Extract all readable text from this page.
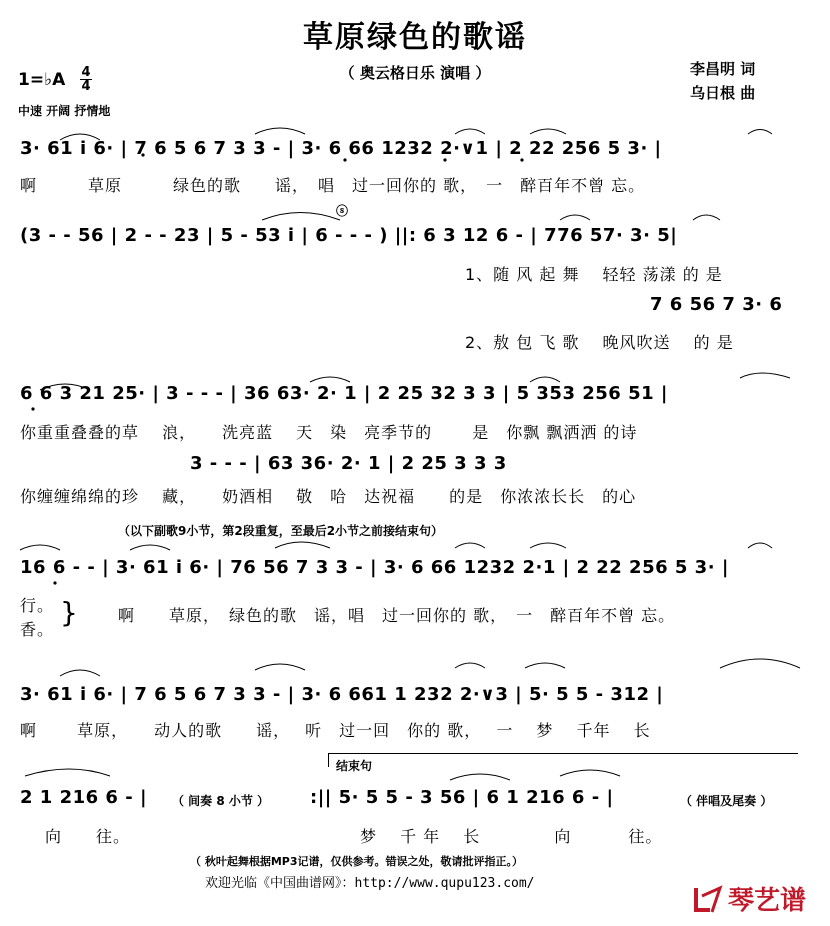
草原绿色的歌谣
（ 奥云格日乐 演唱 ）	李昌明 词
乌日根 曲
1=♭A 4
4
中速 开阔 抒情地
3· 61 i 6· | 7 6 5 6 7 3 3 - | 3· 6 66 1232 2·∨1 | 2 22 256 5 3· |
啊　　　草原　　　绿色的歌　　谣，　唱　过一回你的 歌，　一　醉百年不曾 忘。
(3 - - 56 | 2 - - 23 | 5 - 53 i | 6 - - - ) ||: 6 3 12 6 - | 776 57· 3· 5|
ⓢ
1、随 风 起 舞　 轻轻 荡漾 的 是
7 6 56 7 3· 6
2、敖 包 飞 歌　 晚风吹送　 的 是
6 6 3 21 25· | 3 - - - | 36 63· 2· 1 | 2 25 32 3 3 | 5 353 256 51 |
你重重叠叠的草　 浪，　　洗亮蓝　 天　染　亮季节的　　 是　你飘 飘洒洒 的诗
3 - - - | 63 36· 2· 1 | 2 25 3 3 3
你缠缠绵绵的珍　 藏，　　奶酒相　 敬　哈　达祝福　　的是　你浓浓长长　的心
（以下副歌9小节，第2段重复，至最后2小节之前接结束句）
16 6 - - | 3· 61 i 6· | 76 56 7 3 3 - | 3· 6 66 1232 2·1 | 2 22 256 5 3· |
行。
香。
} 啊　　草原，　绿色的歌　谣，唱　过一回你的 歌，　一　醉百年不曾 忘。
3· 61 i 6· | 7 6 5 6 7 3 3 - | 3· 6 661 1 232 2·∨3 | 5· 5 5 - 312 |
啊　　 草原，　　动人的歌　　谣，　 听　过一回　你的 歌，　 一　 梦　 千年　 长
结束句
2 1 216 6 - | （ 间奏 8 小节 ） :|| 5· 5 5 - 3 56 | 6 1 216 6 - |	（ 伴唱及尾奏 ）
向　　往。　　　　　　　　　　　　　　梦　 千 年　 长　　　　 向　　　 往。
（ 秋叶起舞根据MP3记谱，仅供参考。错误之处，敬请批评指正。）
欢迎光临《中国曲谱网》：http://www.qupu123.com/
琴艺谱
